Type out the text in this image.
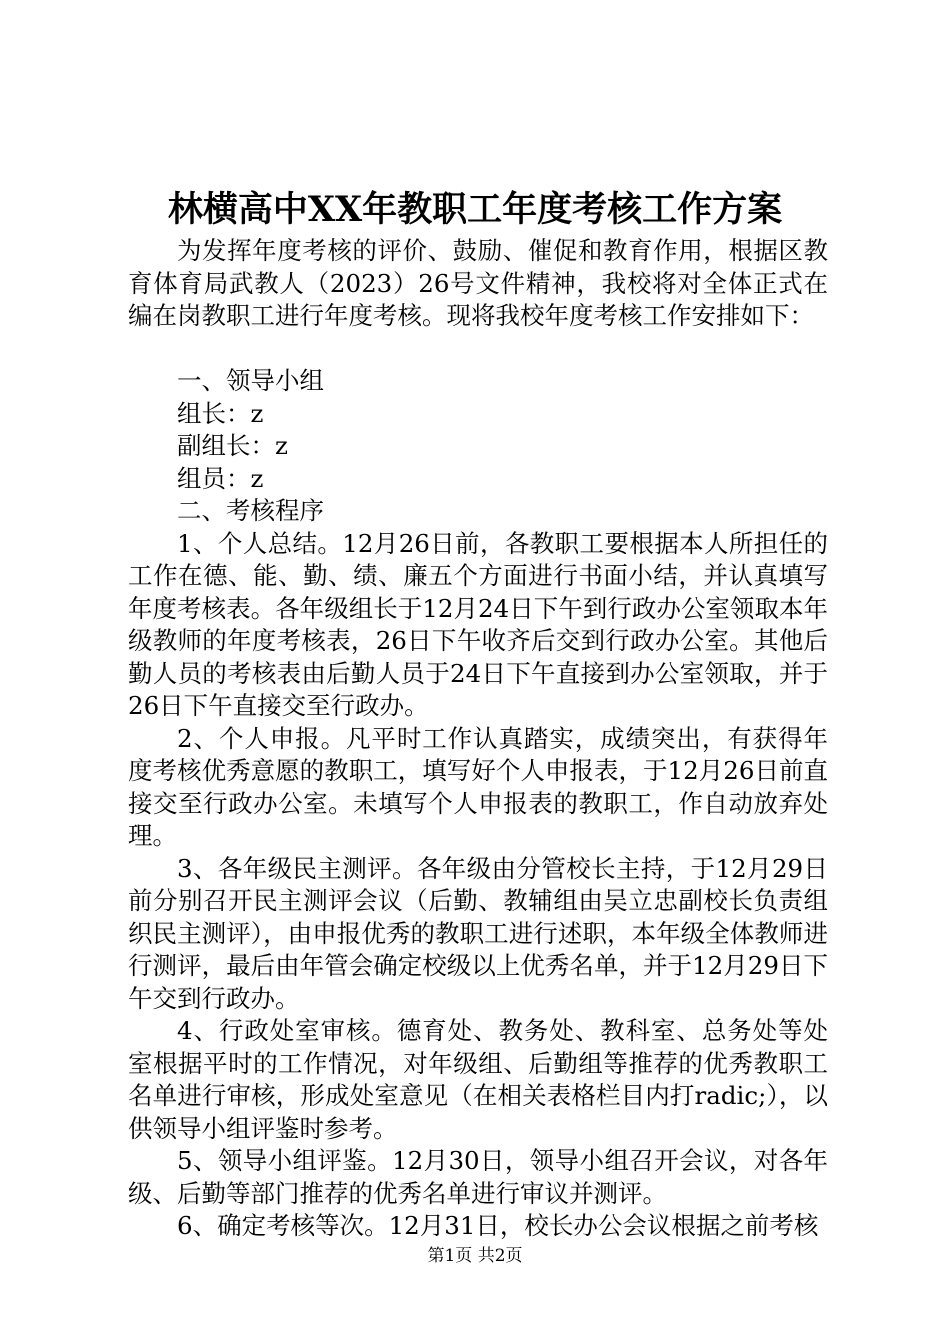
林横高中XX年教职工年度考核工作方案

为发挥年度考核的评价、鼓励、催促和教育作用，根据区教育体育局武教人（2023）26号文件精神，我校将对全体正式在编在岗教职工进行年度考核。现将我校年度考核工作安排如下：

一、领导小组

组长：z

副组长：z

组员：z

二、考核程序

1、个人总结。12月26日前，各教职工要根据本人所担任的工作在德、能、勤、绩、廉五个方面进行书面小结，并认真填写年度考核表。各年级组长于12月24日下午到行政办公室领取本年级教师的年度考核表，26日下午收齐后交到行政办公室。其他后勤人员的考核表由后勤人员于24日下午直接到办公室领取，并于26日下午直接交至行政办。

2、个人申报。凡平时工作认真踏实，成绩突出，有获得年度考核优秀意愿的教职工，填写好个人申报表，于12月26日前直接交至行政办公室。未填写个人申报表的教职工，作自动放弃处理。

3、各年级民主测评。各年级由分管校长主持，于12月29日前分别召开民主测评会议（后勤、教辅组由吴立忠副校长负责组织民主测评），由申报优秀的教职工进行述职，本年级全体教师进行测评，最后由年管会确定校级以上优秀名单，并于12月29日下午交到行政办。

4、行政处室审核。德育处、教务处、教科室、总务处等处室根据平时的工作情况，对年级组、后勤组等推荐的优秀教职工名单进行审核，形成处室意见（在相关表格栏目内打radic;），以供领导小组评鉴时参考。

5、领导小组评鉴。12月30日，领导小组召开会议，对各年级、后勤等部门推荐的优秀名单进行审议并测评。

6、确定考核等次。12月31日，校长办公会议根据之前考核

第1页 共2页
